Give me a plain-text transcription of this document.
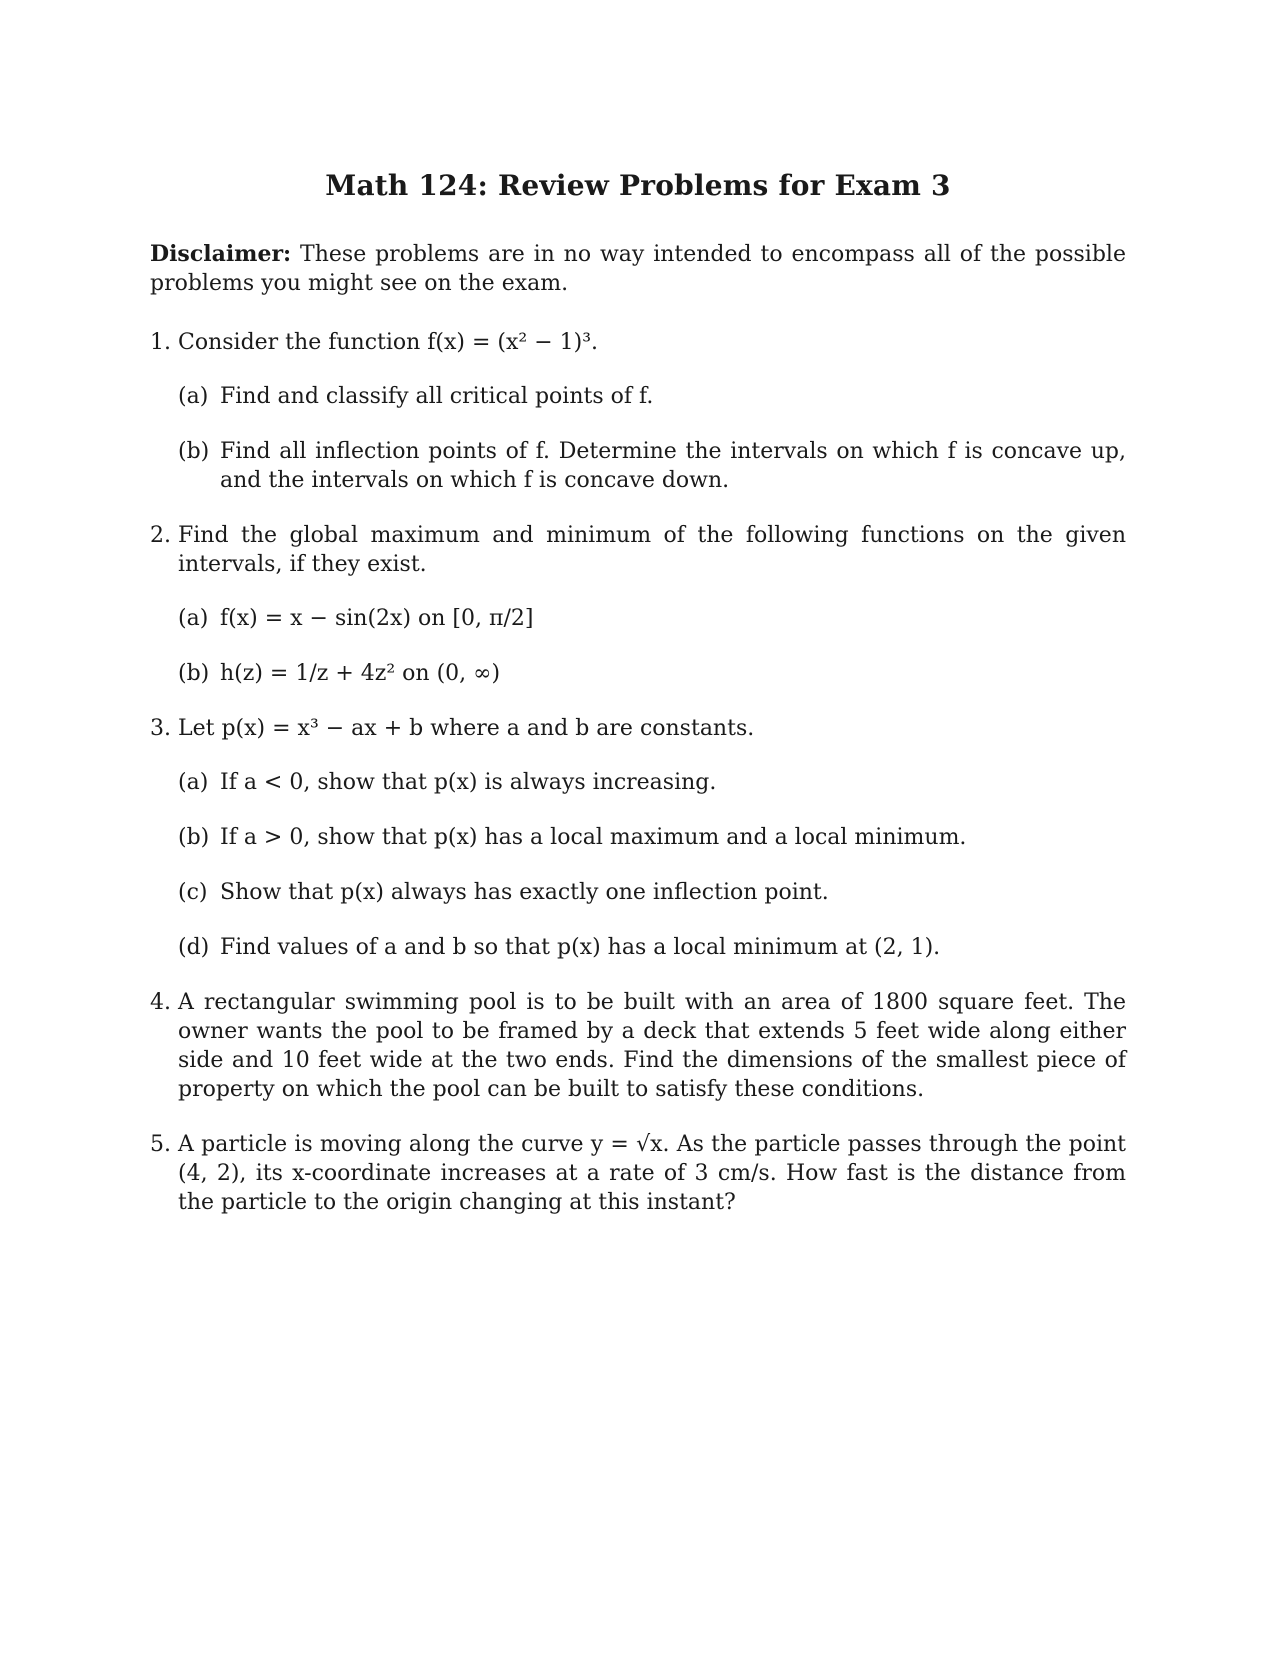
Math 124: Review Problems for Exam 3

Disclaimer: These problems are in no way intended to encompass all of the possible problems you might see on the exam.

1. Consider the function f(x) = (x² − 1)³.
(a) Find and classify all critical points of f.
(b) Find all inflection points of f. Determine the intervals on which f is concave up, and the intervals on which f is concave down.
2. Find the global maximum and minimum of the following functions on the given intervals, if they exist.
(a) f(x) = x − sin(2x) on [0, π/2]
(b) h(z) = 1/z + 4z² on (0, ∞)
3. Let p(x) = x³ − ax + b where a and b are constants.
(a) If a < 0, show that p(x) is always increasing.
(b) If a > 0, show that p(x) has a local maximum and a local minimum.
(c) Show that p(x) always has exactly one inflection point.
(d) Find values of a and b so that p(x) has a local minimum at (2, 1).
4. A rectangular swimming pool is to be built with an area of 1800 square feet. The owner wants the pool to be framed by a deck that extends 5 feet wide along either side and 10 feet wide at the two ends. Find the dimensions of the smallest piece of property on which the pool can be built to satisfy these conditions.
5. A particle is moving along the curve y = √x. As the particle passes through the point (4, 2), its x-coordinate increases at a rate of 3 cm/s. How fast is the distance from the particle to the origin changing at this instant?
